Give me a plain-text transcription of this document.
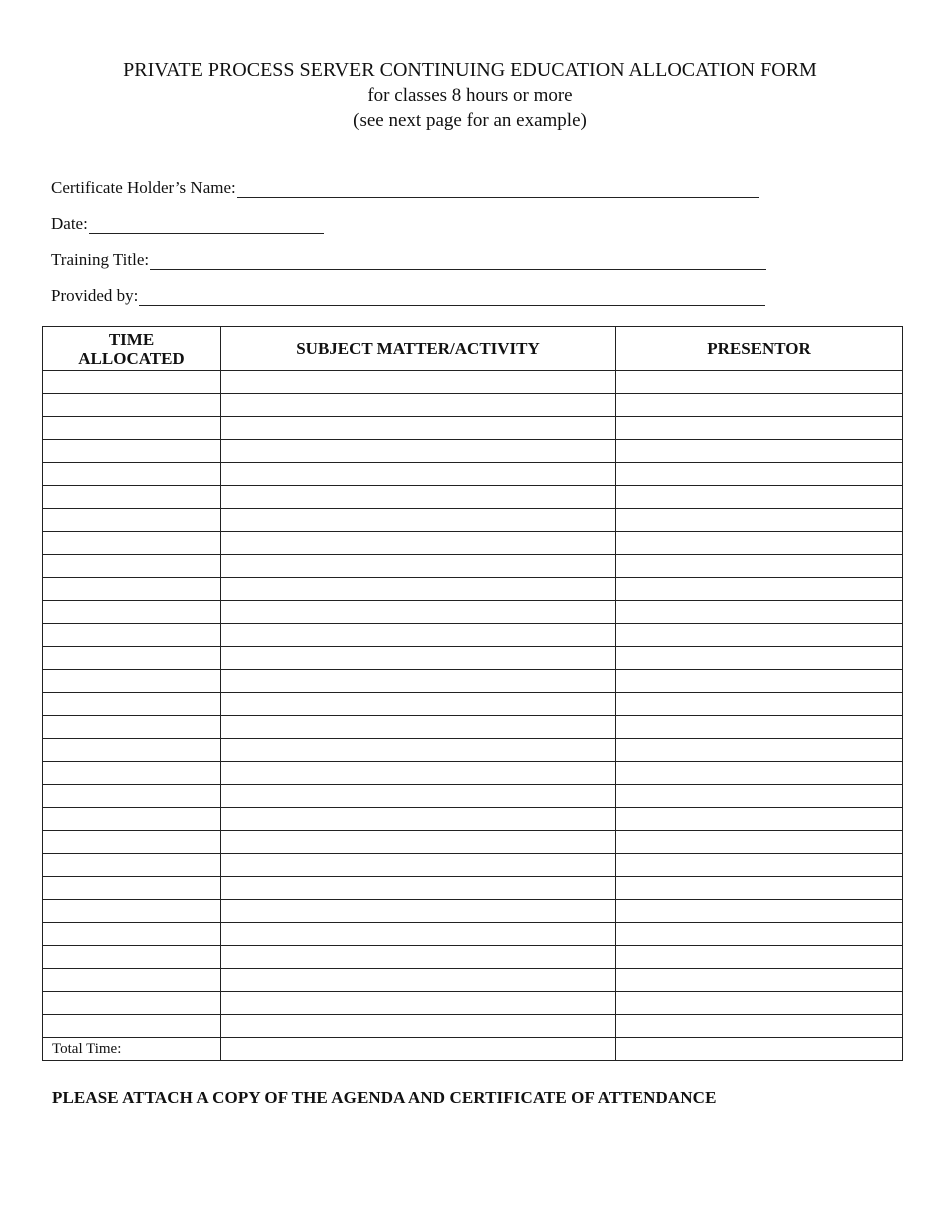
PRIVATE PROCESS SERVER CONTINUING EDUCATION ALLOCATION FORM
for classes 8 hours or more
(see next page for an example)
Certificate Holder’s Name:
Date:
Training Title:
Provided by:
TIME
ALLOCATED	SUBJECT MATTER/ACTIVITY	PRESENTOR

Total Time:		
PLEASE ATTACH A COPY OF THE AGENDA AND CERTIFICATE OF ATTENDANCE
